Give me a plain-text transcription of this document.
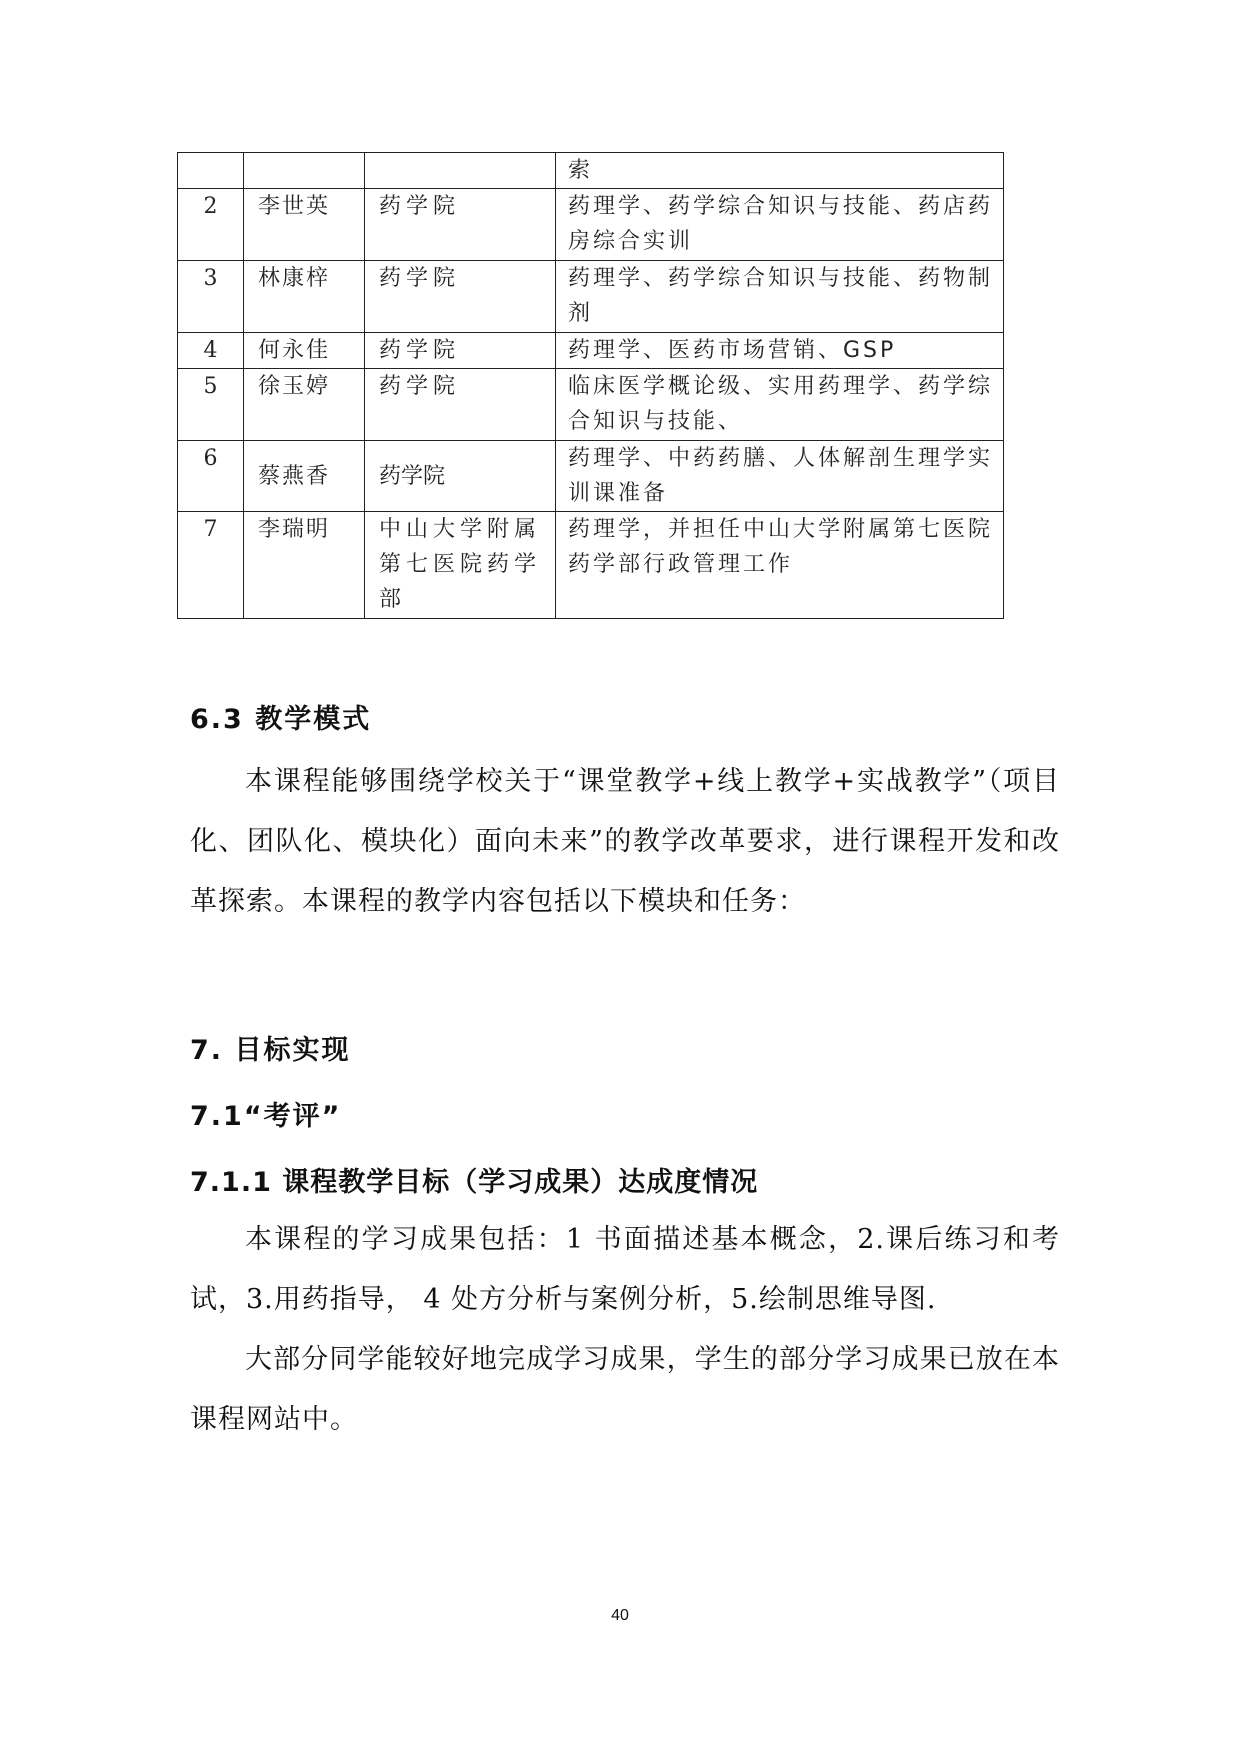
			索
2	李世英	药学院	药理学、药学综合知识与技能、药店药房综合实训
3	林康梓	药学院	药理学、药学综合知识与技能、药物制剂
4	何永佳	药学院	药理学、医药市场营销、GSP
5	徐玉婷	药学院	临床医学概论级、实用药理学、药学综合知识与技能、
6	蔡燕香	药学院	药理学、中药药膳、人体解剖生理学实训课准备
7	李瑞明	中山大学附属第七医院药学部	药理学，并担任中山大学附属第七医院药学部行政管理工作
6.3 教学模式

本课程能够围绕学校关于“课堂教学+线上教学+实战教学”（项目化、团队化、模块化）面向未来”的教学改革要求，进行课程开发和改革探索。本课程的教学内容包括以下模块和任务：

7. 目标实现
7.1“考评”
7.1.1 课程教学目标（学习成果）达成度情况

本课程的学习成果包括：1 书面描述基本概念，2.课后练习和考试，3.用药指导， 4 处方分析与案例分析，5.绘制思维导图.

大部分同学能较好地完成学习成果，学生的部分学习成果已放在本课程网站中。

40
